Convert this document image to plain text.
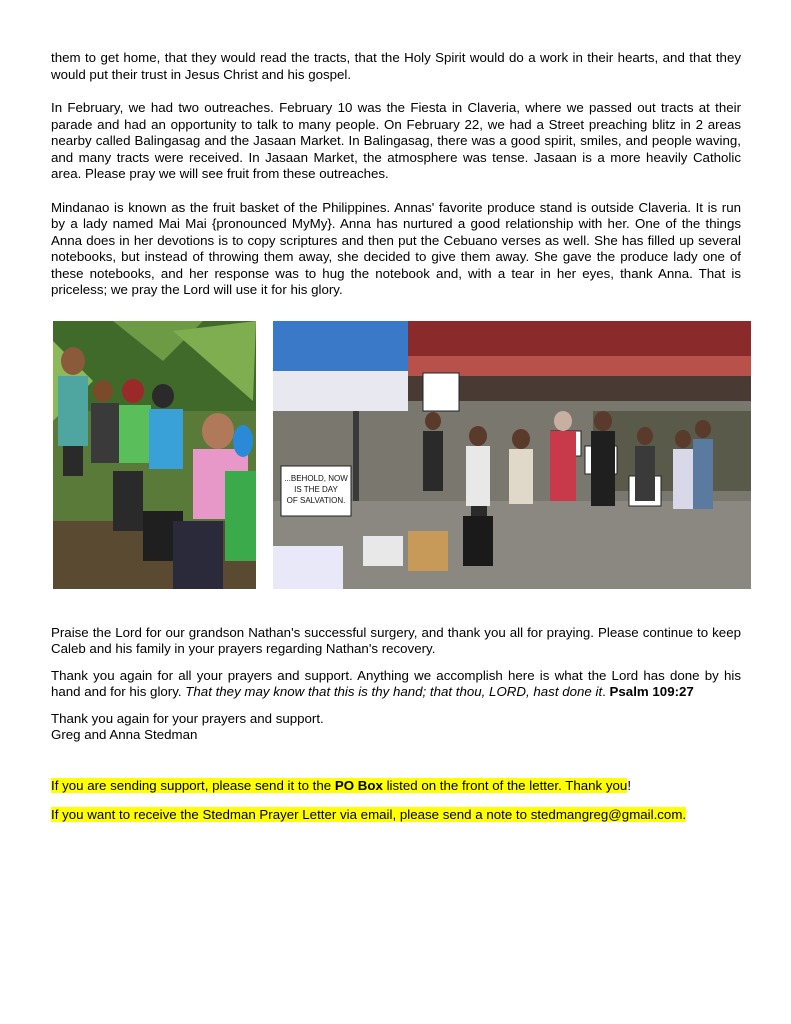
them to get home, that they would read the tracts, that the Holy Spirit would do a work in their hearts, and that they would put their trust in Jesus Christ and his gospel.

In February, we had two outreaches. February 10 was the Fiesta in Claveria, where we passed out tracts at their parade and had an opportunity to talk to many people. On February 22, we had a Street preaching blitz in 2 areas nearby called Balingasag and the Jasaan Market. In Balingasag, there was a good spirit, smiles, and people waving, and many tracts were received. In Jasaan Market, the atmosphere was tense. Jasaan is a more heavily Catholic area. Please pray we will see fruit from these outreaches.

Mindanao is known as the fruit basket of the Philippines. Annas' favorite produce stand is outside Claveria. It is run by a lady named Mai Mai {pronounced MyMy}. Anna has nurtured a good relationship with her. One of the things Anna does in her devotions is to copy scriptures and then put the Cebuano verses as well. She has filled up several notebooks, but instead of throwing them away, she decided to give them away. She gave the produce lady one of these notebooks, and her response was to hug the notebook and, with a tear in her eyes, thank Anna. That is priceless; we pray the Lord will use it for his glory.

...BEHOLD, NOW
IS THE DAY
OF SALVATION.

Praise the Lord for our grandson Nathan's successful surgery, and thank you all for praying. Please continue to keep Caleb and his family in your prayers regarding Nathan's recovery.

Thank you again for all your prayers and support. Anything we accomplish here is what the Lord has done by his hand and for his glory. That they may know that this is thy hand; that thou, LORD, hast done it. Psalm 109:27

Thank you again for your prayers and support.
Greg and Anna Stedman

If you are sending support, please send it to the PO Box listed on the front of the letter. Thank you!

If you want to receive the Stedman Prayer Letter via email, please send a note to stedmangreg@gmail.com.
